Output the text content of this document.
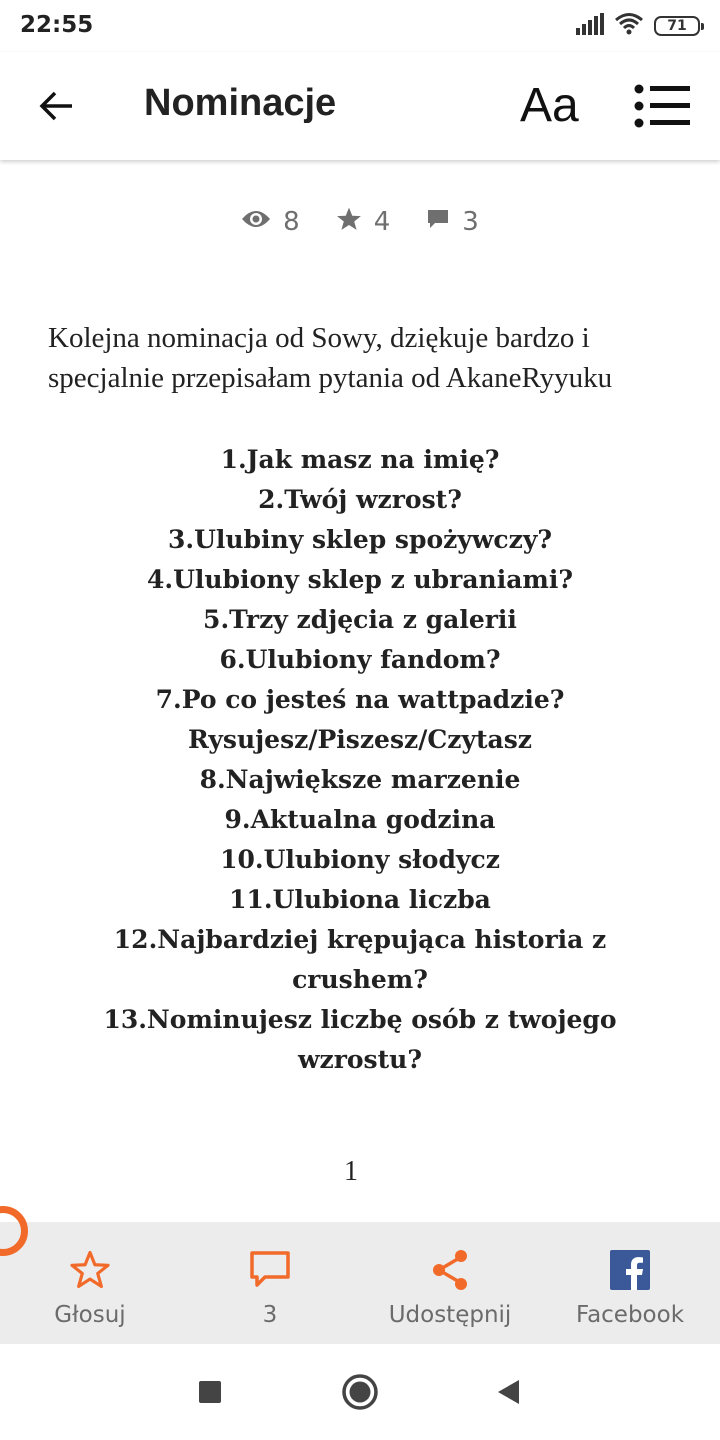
22:55	71
Nominacje	Aa
8	4	3

Kolejna nominacja od Sowy, dziękuje bardzo i specjalnie przepisałam pytania od AkaneRyyuku

1.Jak masz na imię?
2.Twój wzrost?
3.Ulubiny sklep spożywczy?
4.Ulubiony sklep z ubraniami?
5.Trzy zdjęcia z galerii
6.Ulubiony fandom?
7.Po co jesteś na wattpadzie? Rysujesz/Piszesz/Czytasz
8.Największe marzenie
9.Aktualna godzina
10.Ulubiony słodycz
11.Ulubiona liczba
12.Najbardziej krępująca historia z crushem?
13.Nominujesz liczbę osób z twojego wzrostu?
1
Głosuj	3	Udostępnij	Facebook
